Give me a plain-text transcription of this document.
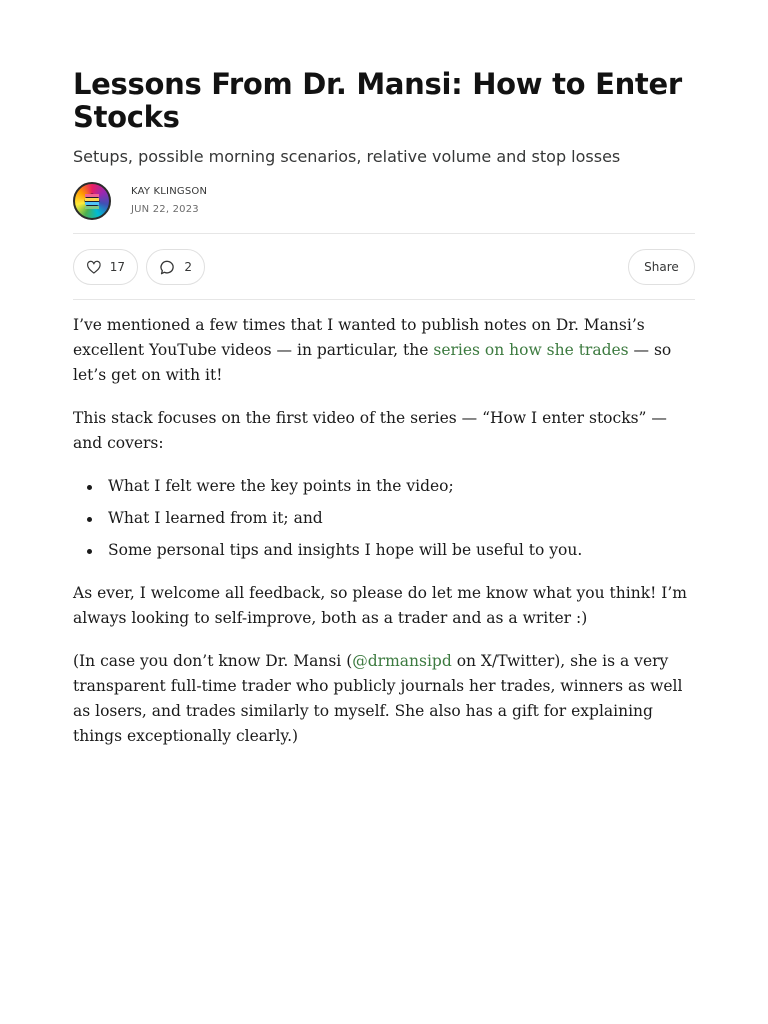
Lessons From Dr. Mansi: How to Enter Stocks
Setups, possible morning scenarios, relative volume and stop losses
KAY KLINGSON
JUN 22, 2023
17	2	Share

I’ve mentioned a few times that I wanted to publish notes on Dr. Mansi’s excellent YouTube videos — in particular, the series on how she trades — so let’s get on with it!

This stack focuses on the first video of the series — “How I enter stocks” — and covers:

What I felt were the key points in the video;
What I learned from it; and
Some personal tips and insights I hope will be useful to you.

As ever, I welcome all feedback, so please do let me know what you think! I’m always looking to self-improve, both as a trader and as a writer :)

(In case you don’t know Dr. Mansi (@drmansipd on X/Twitter), she is a very transparent full-time trader who publicly journals her trades, winners as well as losers, and trades similarly to myself. She also has a gift for explaining things exceptionally clearly.)
